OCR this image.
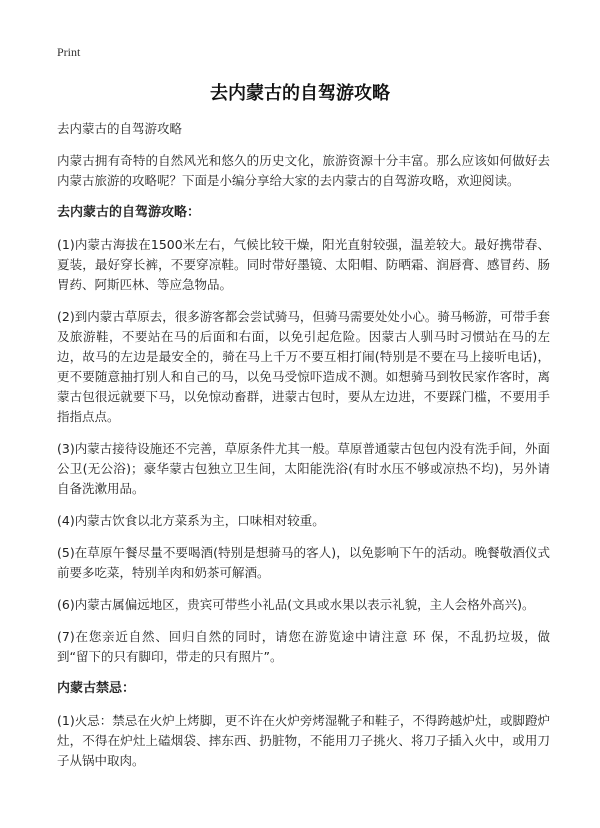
Print
去内蒙古的自驾游攻略
去内蒙古的自驾游攻略

内蒙古拥有奇特的自然风光和悠久的历史文化，旅游资源十分丰富。那么应该如何做好去内蒙古旅游的攻略呢？下面是小编分享给大家的去内蒙古的自驾游攻略，欢迎阅读。

去内蒙古的自驾游攻略：

(1)内蒙古海拔在1500米左右，气候比较干燥，阳光直射较强，温差较大。最好携带春、夏装，最好穿长裤，不要穿凉鞋。同时带好墨镜、太阳帽、防晒霜、润唇膏、感冒药、肠胃药、阿斯匹林、等应急物品。

(2)到内蒙古草原去，很多游客都会尝试骑马，但骑马需要处处小心。骑马畅游，可带手套及旅游鞋，不要站在马的后面和右面，以免引起危险。因蒙古人驯马时习惯站在马的左边，故马的左边是最安全的，骑在马上千万不要互相打闹(特别是不要在马上接听电话)，更不要随意抽打别人和自己的马，以免马受惊吓造成不测。如想骑马到牧民家作客时，离蒙古包很远就要下马，以免惊动畜群，进蒙古包时，要从左边进，不要踩门槛，不要用手指指点点。

(3)内蒙古接待设施还不完善，草原条件尤其一般。草原普通蒙古包包内没有洗手间，外面公卫(无公浴)；豪华蒙古包独立卫生间，太阳能洗浴(有时水压不够或凉热不均)，另外请自备洗漱用品。

(4)内蒙古饮食以北方菜系为主，口味相对较重。

(5)在草原午餐尽量不要喝酒(特别是想骑马的客人)，以免影响下午的活动。晚餐敬酒仪式前要多吃菜，特别羊肉和奶茶可解酒。

(6)内蒙古属偏远地区，贵宾可带些小礼品(文具或水果以表示礼貌，主人会格外高兴)。

(7)在您亲近自然、回归自然的同时，请您在游览途中请注意 环 保，不乱扔垃圾，做到“留下的只有脚印，带走的只有照片”。

内蒙古禁忌：

(1)火忌：禁忌在火炉上烤脚，更不许在火炉旁烤湿靴子和鞋子，不得跨越炉灶，或脚蹬炉灶，不得在炉灶上磕烟袋、摔东西、扔脏物，不能用刀子挑火、将刀子插入火中，或用刀子从锅中取肉。
